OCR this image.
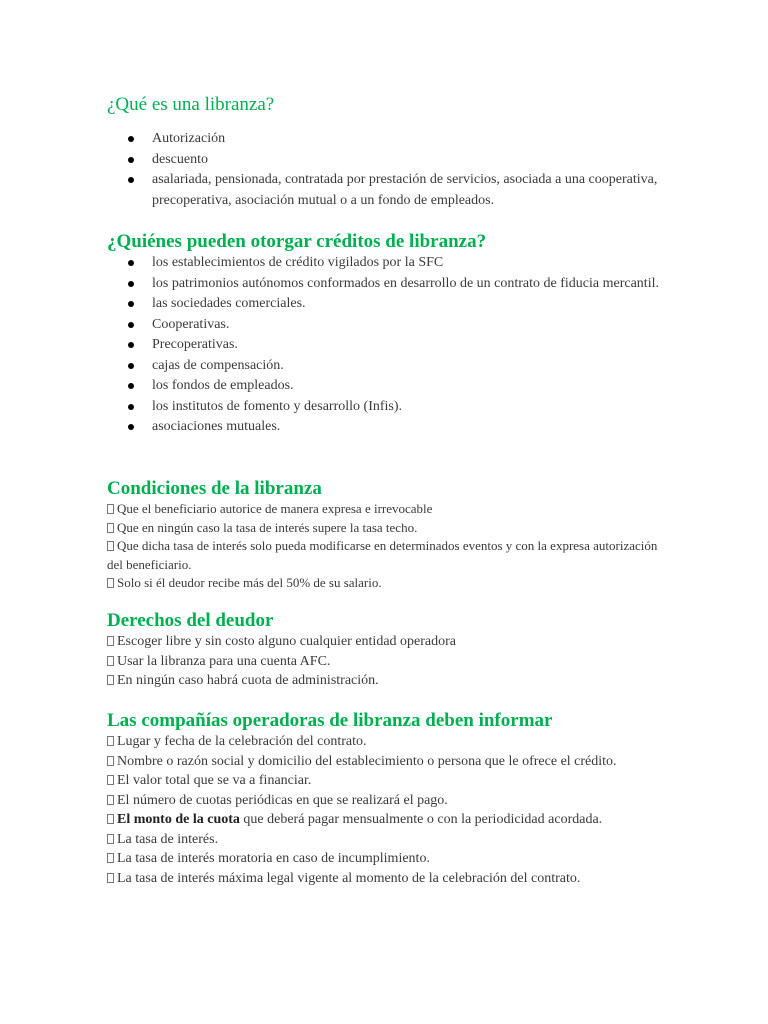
¿Qué es una libranza?
Autorización
descuento
asalariada, pensionada, contratada por prestación de servicios, asociada a una cooperativa, precoperativa, asociación mutual o a un fondo de empleados.
¿Quiénes pueden otorgar créditos de libranza?
los establecimientos de crédito vigilados por la SFC
los patrimonios autónomos conformados en desarrollo de un contrato de fiducia mercantil.
las sociedades comerciales.
Cooperativas.
Precoperativas.
cajas de compensación.
los fondos de empleados.
los institutos de fomento y desarrollo (Infis).
asociaciones mutuales.
Condiciones de la libranza

Que el beneficiario autorice de manera expresa e irrevocable

Que en ningún caso la tasa de interés supere la tasa techo.

Que dicha tasa de interés solo pueda modificarse en determinados eventos y con la expresa autorización del beneficiario.

Solo si él deudor recibe más del 50% de su salario.

Derechos del deudor

Escoger libre y sin costo alguno cualquier entidad operadora

Usar la libranza para una cuenta AFC.

En ningún caso habrá cuota de administración.

Las compañías operadoras de libranza deben informar

Lugar y fecha de la celebración del contrato.

Nombre o razón social y domicilio del establecimiento o persona que le ofrece el crédito.

El valor total que se va a financiar.

El número de cuotas periódicas en que se realizará el pago.

El monto de la cuota que deberá pagar mensualmente o con la periodicidad acordada.

La tasa de interés.

La tasa de interés moratoria en caso de incumplimiento.

La tasa de interés máxima legal vigente al momento de la celebración del contrato.
